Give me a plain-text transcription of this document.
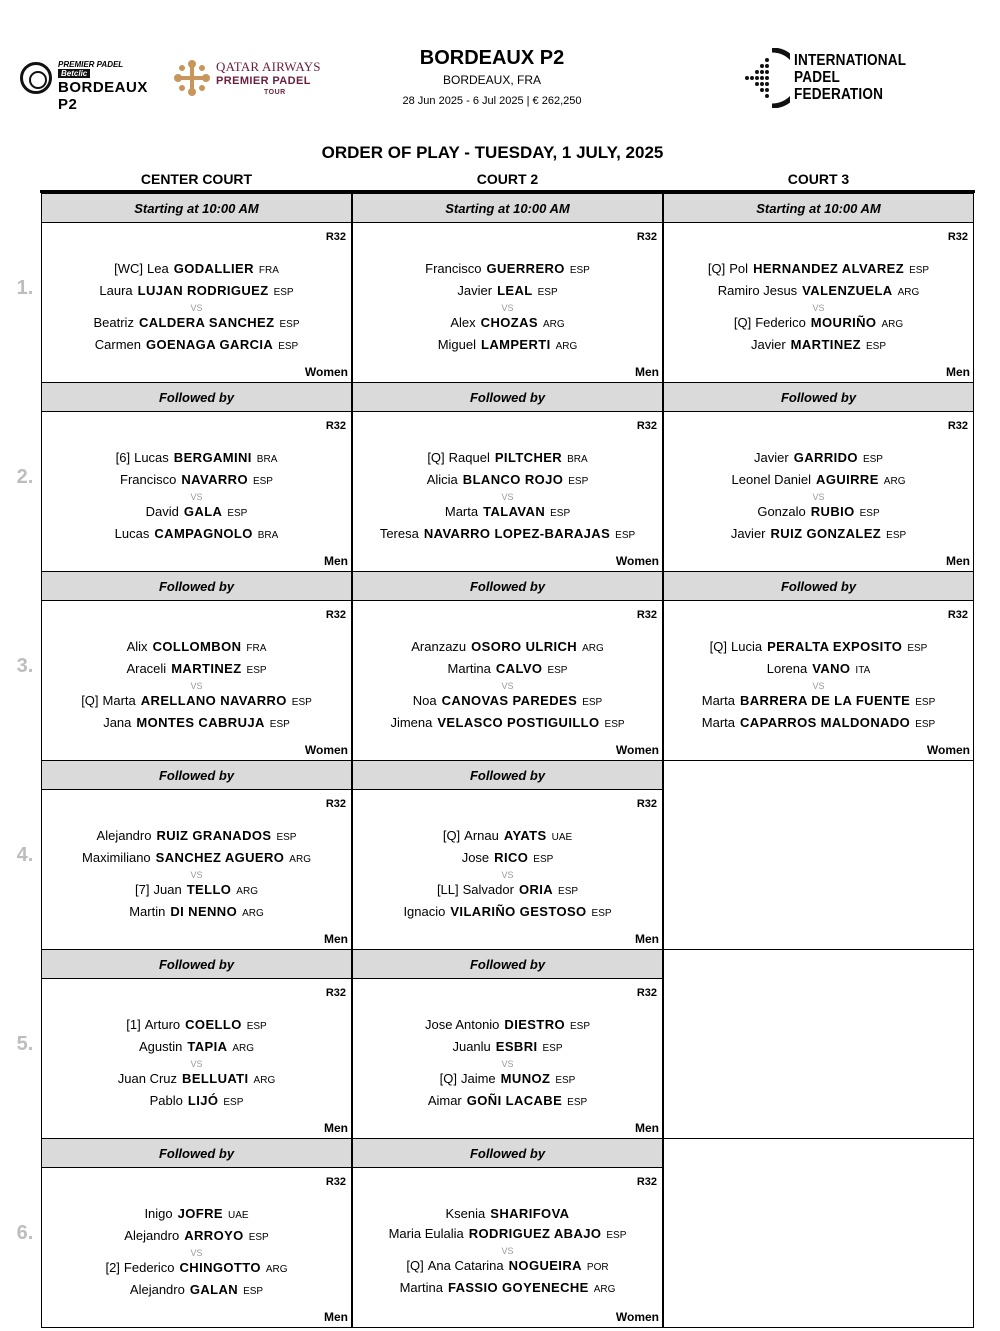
PREMIER PADEL
Betclic
BORDEAUX P2
QATAR AIRWAYS
PREMIER PADEL
TOUR
BORDEAUX P2
BORDEAUX, FRA
28 Jun 2025 - 6 Jul 2025 | € 262,250
INTERNATIONAL
PADEL
FEDERATION
ORDER OF PLAY - TUESDAY, 1 JULY, 2025
CENTER COURT	COURT 2	COURT 3
1.
Starting at 10:00 AM
R32
[WC] Lea GODALLIER FRA
Laura LUJAN RODRIGUEZ ESP
VS
Beatriz CALDERA SANCHEZ ESP
Carmen GOENAGA GARCIA ESP
Women
Starting at 10:00 AM
R32
Francisco GUERRERO ESP
Javier LEAL ESP
VS
Alex CHOZAS ARG
Miguel LAMPERTI ARG
Men
Starting at 10:00 AM
R32
[Q] Pol HERNANDEZ ALVAREZ ESP
Ramiro Jesus VALENZUELA ARG
VS
[Q] Federico MOURIÑO ARG
Javier MARTINEZ ESP
Men
2.
Followed by
R32
[6] Lucas BERGAMINI BRA
Francisco NAVARRO ESP
VS
David GALA ESP
Lucas CAMPAGNOLO BRA
Men
Followed by
R32
[Q] Raquel PILTCHER BRA
Alicia BLANCO ROJO ESP
VS
Marta TALAVAN ESP
Teresa NAVARRO LOPEZ-BARAJAS ESP
Women
Followed by
R32
Javier GARRIDO ESP
Leonel Daniel AGUIRRE ARG
VS
Gonzalo RUBIO ESP
Javier RUIZ GONZALEZ ESP
Men
3.
Followed by
R32
Alix COLLOMBON FRA
Araceli MARTINEZ ESP
VS
[Q] Marta ARELLANO NAVARRO ESP
Jana MONTES CABRUJA ESP
Women
Followed by
R32
Aranzazu OSORO ULRICH ARG
Martina CALVO ESP
VS
Noa CANOVAS PAREDES ESP
Jimena VELASCO POSTIGUILLO ESP
Women
Followed by
R32
[Q] Lucia PERALTA EXPOSITO ESP
Lorena VANO ITA
VS
Marta BARRERA DE LA FUENTE ESP
Marta CAPARROS MALDONADO ESP
Women
4.
Followed by
R32
Alejandro RUIZ GRANADOS ESP
Maximiliano SANCHEZ AGUERO ARG
VS
[7] Juan TELLO ARG
Martin DI NENNO ARG
Men
Followed by
R32
[Q] Arnau AYATS UAE
Jose RICO ESP
VS
[LL] Salvador ORIA ESP
Ignacio VILARIÑO GESTOSO ESP
Men
5.
Followed by
R32
[1] Arturo COELLO ESP
Agustin TAPIA ARG
VS
Juan Cruz BELLUATI ARG
Pablo LIJÓ ESP
Men
Followed by
R32
Jose Antonio DIESTRO ESP
Juanlu ESBRI ESP
VS
[Q] Jaime MUNOZ ESP
Aimar GOÑI LACABE ESP
Men
6.
Followed by
R32
Inigo JOFRE UAE
Alejandro ARROYO ESP
VS
[2] Federico CHINGOTTO ARG
Alejandro GALAN ESP
Men
Followed by
R32
Ksenia SHARIFOVA
Maria Eulalia RODRIGUEZ ABAJO ESP
VS
[Q] Ana Catarina NOGUEIRA POR
Martina FASSIO GOYENECHE ARG
Women
